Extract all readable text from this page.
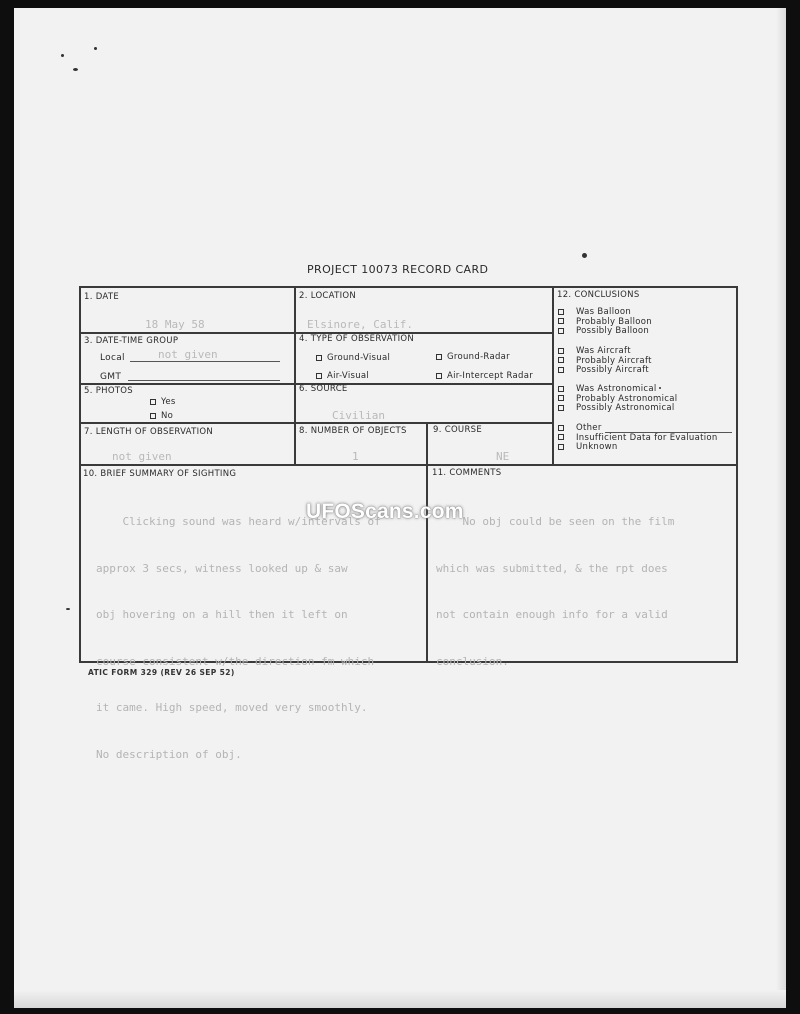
PROJECT 10073 RECORD CARD
1. DATE
18 May 58
2. LOCATION
Elsinore, Calif.
3. DATE-TIME GROUP
Local	not given
GMT
4. TYPE OF OBSERVATION
Ground-Visual	Ground-Radar
Air-Visual	Air-Intercept Radar
5. PHOTOS
Yes
No
6. SOURCE
Civilian
7. LENGTH OF OBSERVATION
not given
8. NUMBER OF OBJECTS
1
9. COURSE
NE
12. CONCLUSIONS
Was Balloon
Probably Balloon
Possibly Balloon
Was Aircraft
Probably Aircraft
Possibly Aircraft
Was Astronomical
Probably Astronomical
Possibly Astronomical
Other
Insufficient Data for Evaluation
Unknown
10. BRIEF SUMMARY OF SIGHTING

Clicking sound was heard w/intervals of

approx 3 secs, witness looked up & saw

obj hovering on a hill then it left on

course consistent w/the direction fm which

it came. High speed, moved very smoothly.

No description of obj.

11. COMMENTS

No obj could be seen on the film

which was submitted, & the rpt does

not contain enough info for a valid

conclusion.

UFOScans.com
ATIC FORM 329 (REV 26 SEP 52)
